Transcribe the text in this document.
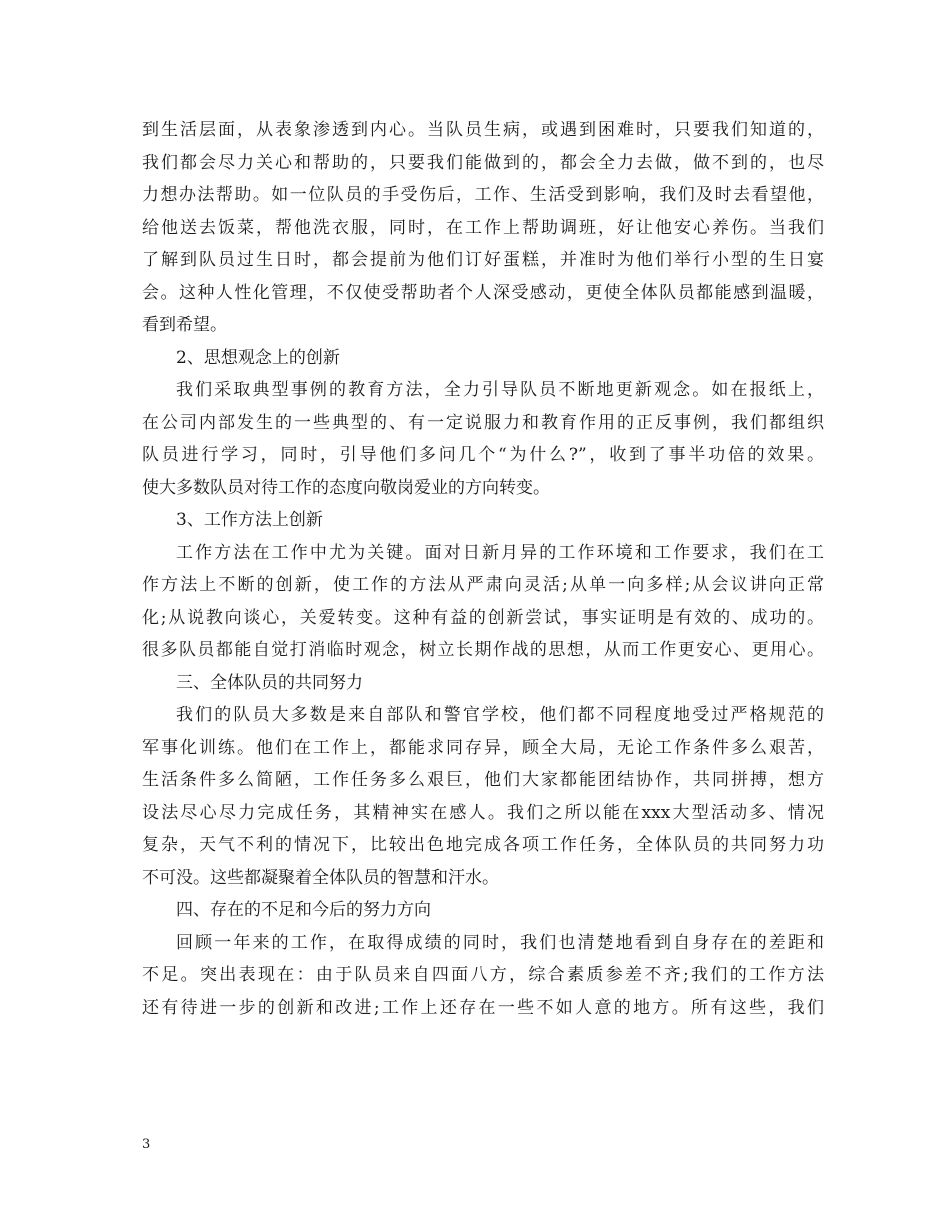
到生活层面，从表象渗透到内心。当队员生病，或遇到困难时，只要我们知道的，
我们都会尽力关心和帮助的，只要我们能做到的，都会全力去做，做不到的，也尽
力想办法帮助。如一位队员的手受伤后，工作、生活受到影响，我们及时去看望他，
给他送去饭菜，帮他洗衣服，同时，在工作上帮助调班，好让他安心养伤。当我们
了解到队员过生日时，都会提前为他们订好蛋糕，并准时为他们举行小型的生日宴
会。这种人性化管理，不仅使受帮助者个人深受感动，更使全体队员都能感到温暖，
看到希望。
2、思想观念上的创新
我们采取典型事例的教育方法，全力引导队员不断地更新观念。如在报纸上，
在公司内部发生的一些典型的、有一定说服力和教育作用的正反事例，我们都组织
队员进行学习，同时，引导他们多问几个“为什么?”，收到了事半功倍的效果。
使大多数队员对待工作的态度向敬岗爱业的方向转变。
3、工作方法上创新
工作方法在工作中尤为关键。面对日新月异的工作环境和工作要求，我们在工
作方法上不断的创新，使工作的方法从严肃向灵活;从单一向多样;从会议讲向正常
化;从说教向谈心，关爱转变。这种有益的创新尝试，事实证明是有效的、成功的。
很多队员都能自觉打消临时观念，树立长期作战的思想，从而工作更安心、更用心。
三、全体队员的共同努力
我们的队员大多数是来自部队和警官学校，他们都不同程度地受过严格规范的
军事化训练。他们在工作上，都能求同存异，顾全大局，无论工作条件多么艰苦，
生活条件多么简陋，工作任务多么艰巨，他们大家都能团结协作，共同拼搏，想方
设法尽心尽力完成任务，其精神实在感人。我们之所以能在xxx大型活动多、情况
复杂，天气不利的情况下，比较出色地完成各项工作任务，全体队员的共同努力功
不可没。这些都凝聚着全体队员的智慧和汗水。
四、存在的不足和今后的努力方向
回顾一年来的工作，在取得成绩的同时，我们也清楚地看到自身存在的差距和
不足。突出表现在：由于队员来自四面八方，综合素质参差不齐;我们的工作方法
还有待进一步的创新和改进;工作上还存在一些不如人意的地方。所有这些，我们
3
